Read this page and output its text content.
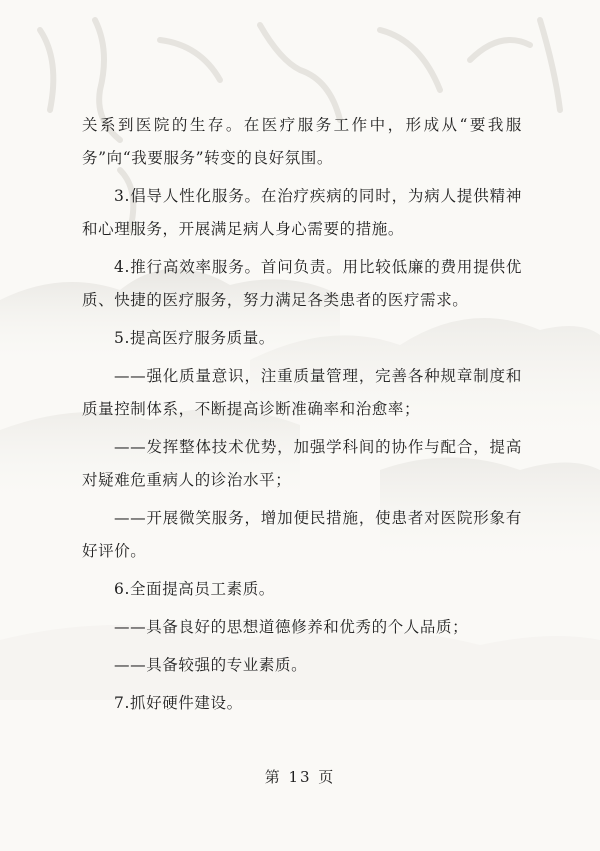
关系到医院的生存。在医疗服务工作中，形成从“要我服务”向“我要服务”转变的良好氛围。

3.倡导人性化服务。在治疗疾病的同时，为病人提供精神和心理服务，开展满足病人身心需要的措施。

4.推行高效率服务。首问负责。用比较低廉的费用提供优质、快捷的医疗服务，努力满足各类患者的医疗需求。

5.提高医疗服务质量。

——强化质量意识，注重质量管理，完善各种规章制度和质量控制体系，不断提高诊断准确率和治愈率；

——发挥整体技术优势，加强学科间的协作与配合，提高对疑难危重病人的诊治水平；

——开展微笑服务，增加便民措施，使患者对医院形象有好评价。

6.全面提高员工素质。

——具备良好的思想道德修养和优秀的个人品质；

——具备较强的专业素质。

7.抓好硬件建设。

第 13 页
